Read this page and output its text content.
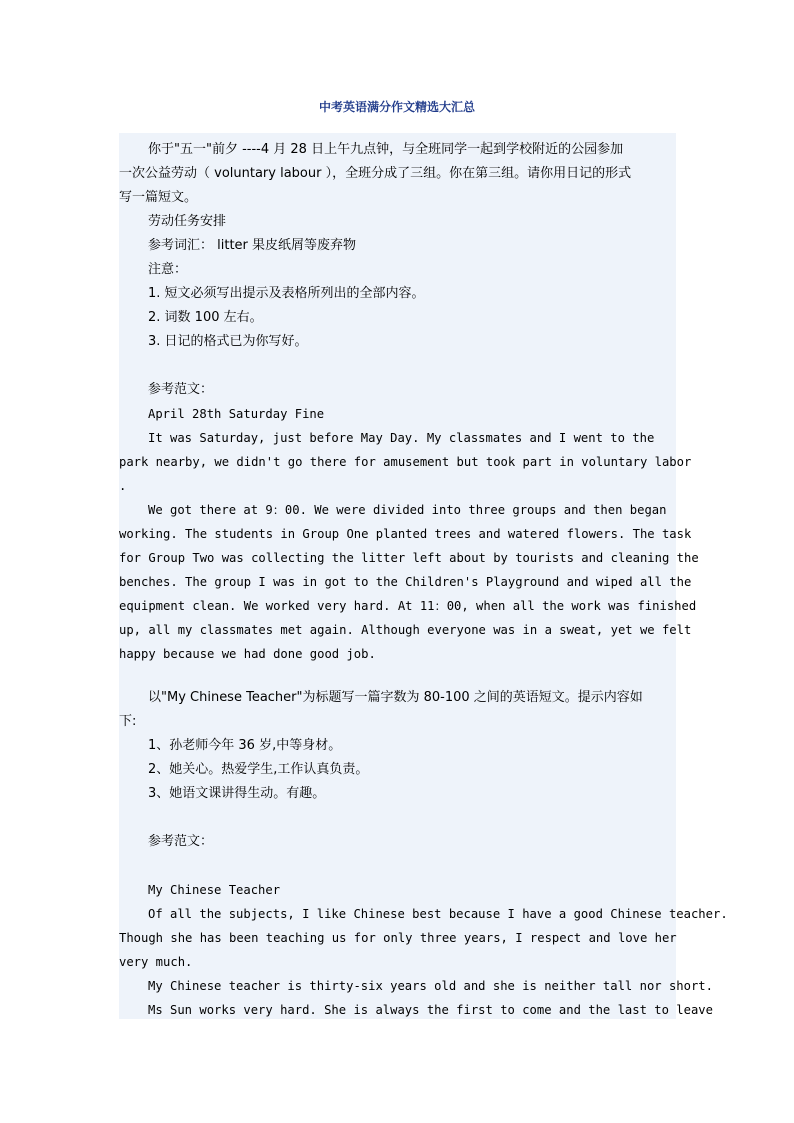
中考英语满分作文精选大汇总

你于"五一"前夕 ----4 月 28 日上午九点钟，与全班同学一起到学校附近的公园参加

一次公益劳动（ voluntary labour ），全班分成了三组。你在第三组。请你用日记的形式

写一篇短文。

劳动任务安排

参考词汇： litter 果皮纸屑等废弃物

注意：

1. 短文必须写出提示及表格所列出的全部内容。

2. 词数 100 左右。

3. 日记的格式已为你写好。

参考范文：

April 28th Saturday Fine

It was Saturday, just before May Day. My classmates and I went to the

park nearby, we didn't go there for amusement but took part in voluntary labor

.

We got there at 9：00. We were divided into three groups and then began

working. The students in Group One planted trees and watered flowers. The task

for Group Two was collecting the litter left about by tourists and cleaning the

benches. The group I was in got to the Children's Playground and wiped all the

equipment clean. We worked very hard. At 11：00, when all the work was finished

up, all my classmates met again. Although everyone was in a sweat, yet we felt

happy because we had done good job.

以"My Chinese Teacher"为标题写一篇字数为 80-100 之间的英语短文。提示内容如

下:

1、孙老师今年 36 岁,中等身材。

2、她关心。热爱学生,工作认真负责。

3、她语文课讲得生动。有趣。

参考范文：

My Chinese Teacher

Of all the subjects, I like Chinese best because I have a good Chinese teacher.

Though she has been teaching us for only three years, I respect and love her

very much.

My Chinese teacher is thirty-six years old and she is neither tall nor short.

Ms Sun works very hard. She is always the first to come and the last to leave
